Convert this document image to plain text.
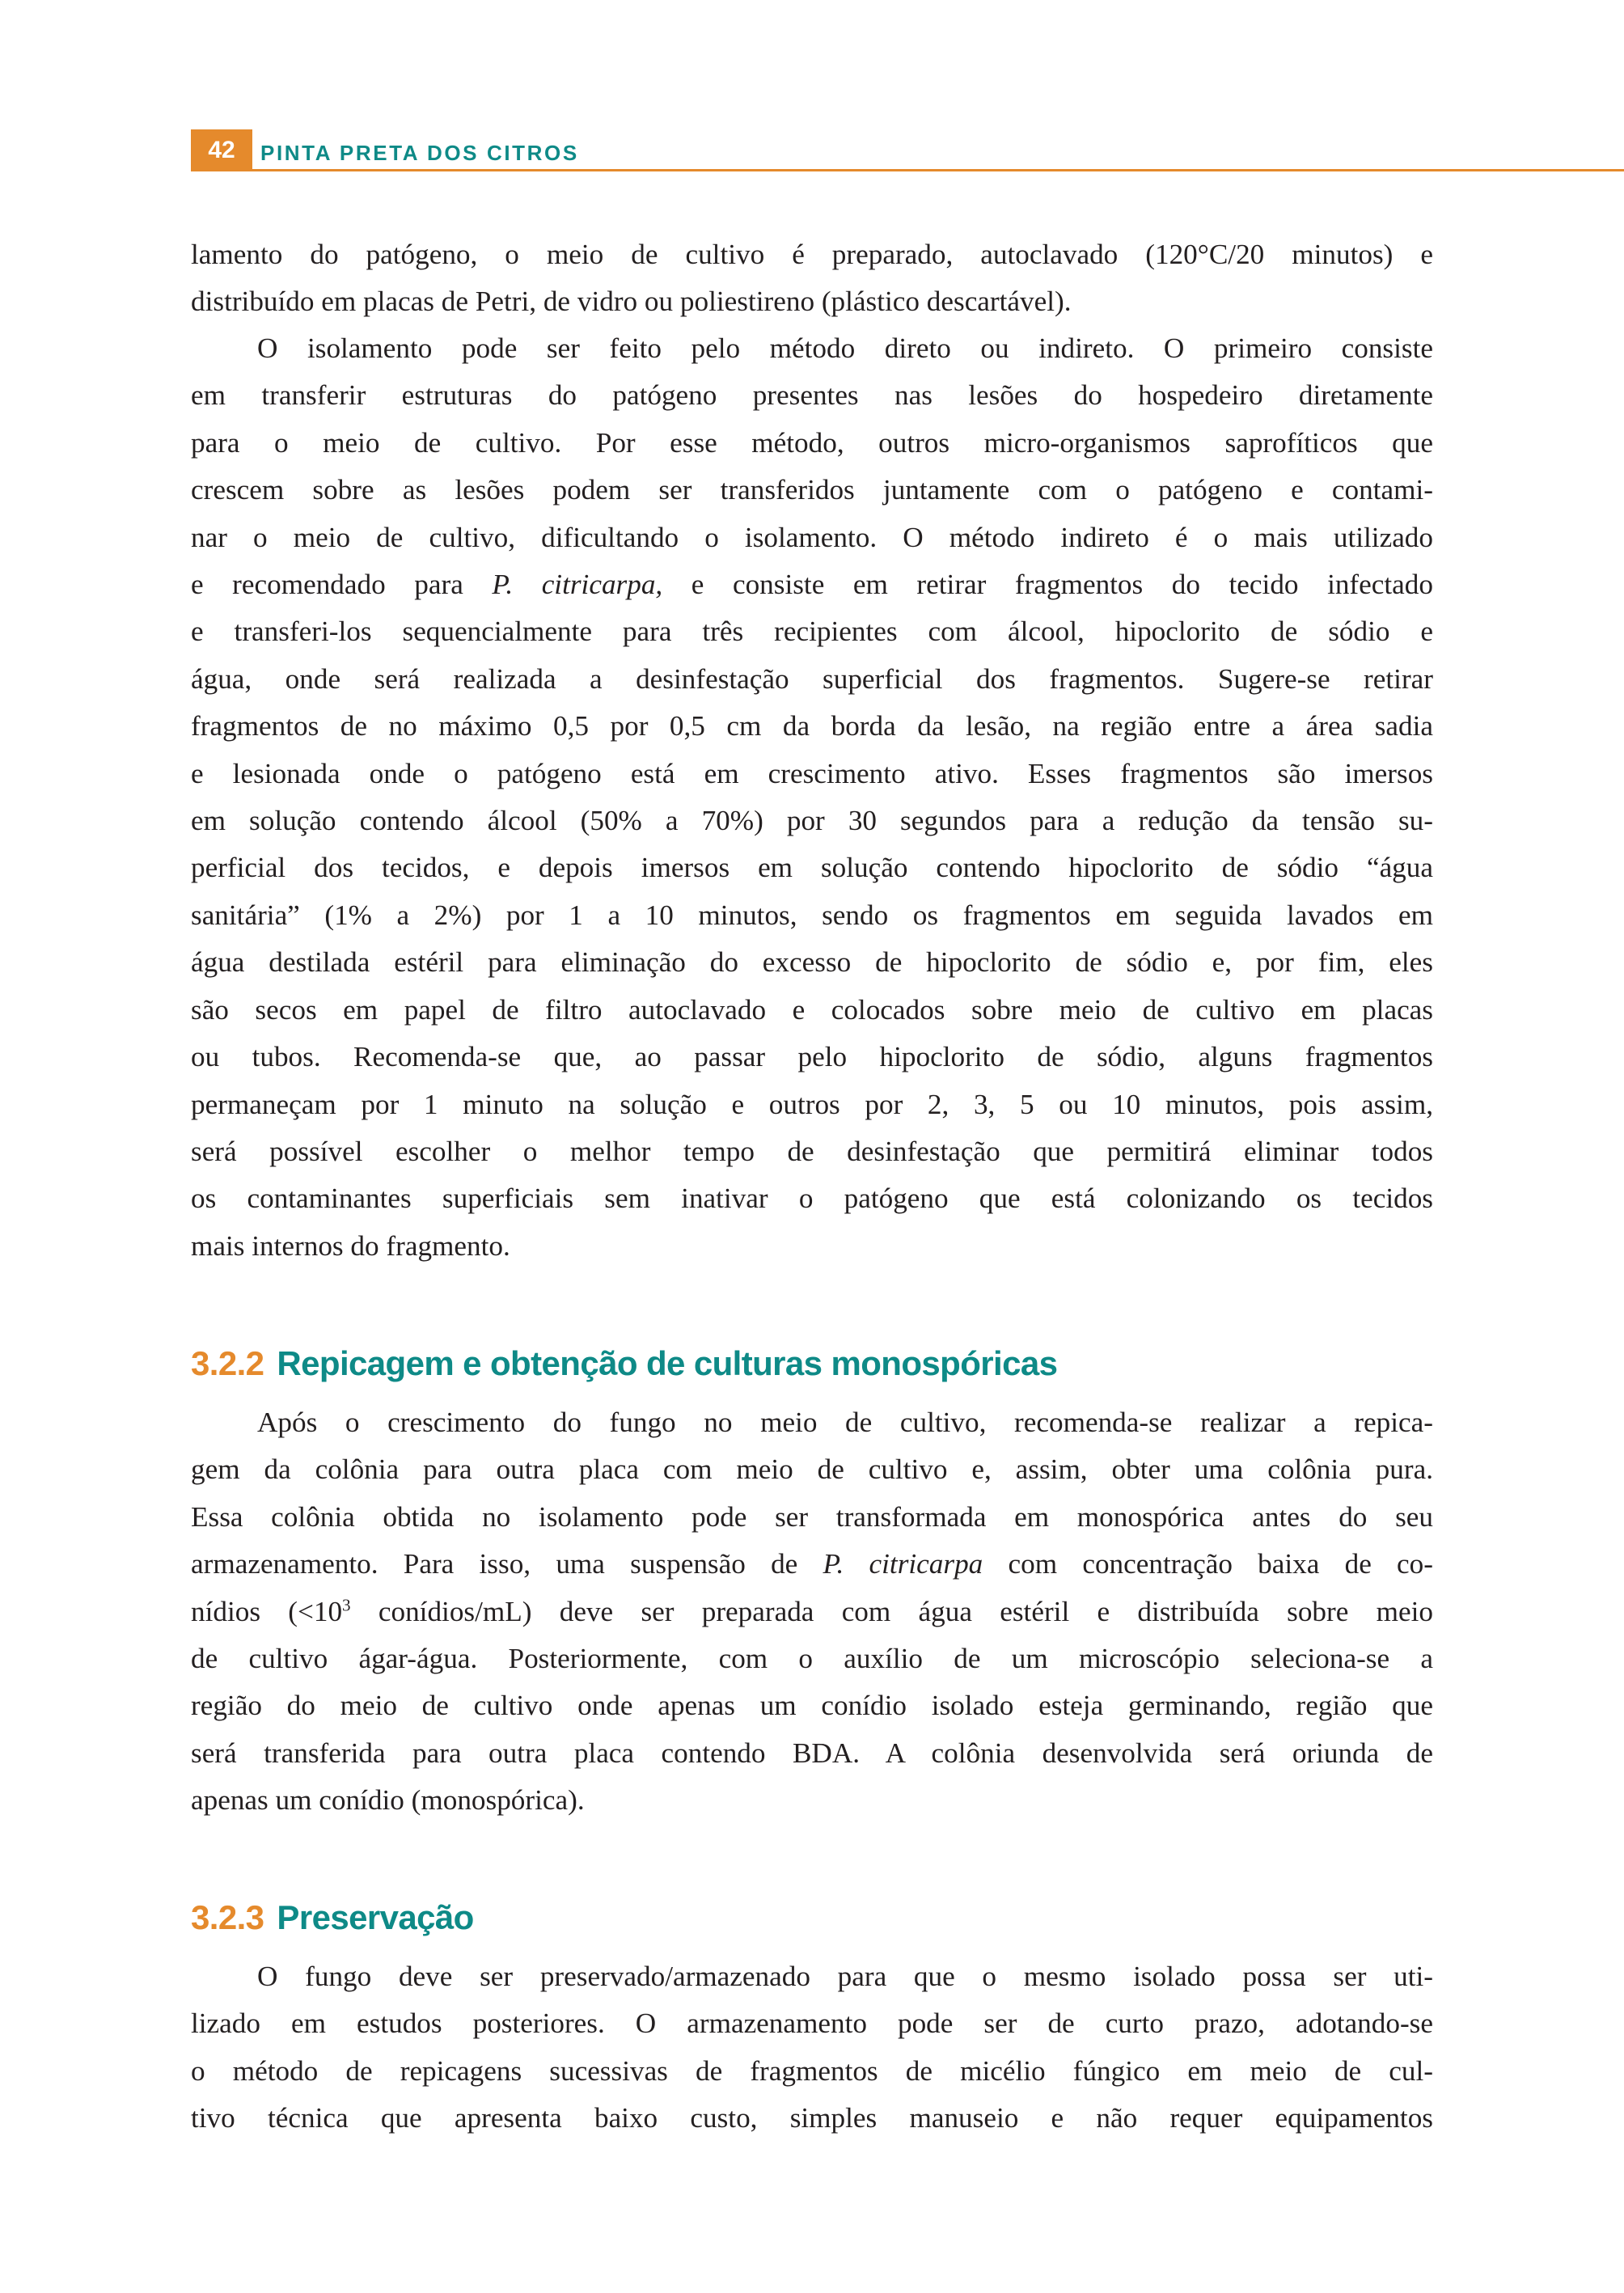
42	PINTA PRETA DOS CITROS

lamento do patógeno, o meio de cultivo é preparado, autoclavado (120°C/20 minutos) e
distribuído em placas de Petri, de vidro ou poliestireno (plástico descartável).

O isolamento pode ser feito pelo método direto ou indireto. O primeiro consiste
em transferir estruturas do patógeno presentes nas lesões do hospedeiro diretamente
para o meio de cultivo. Por esse método, outros micro-organismos saprofíticos que
crescem sobre as lesões podem ser transferidos juntamente com o patógeno e contami-
nar o meio de cultivo, dificultando o isolamento. O método indireto é o mais utilizado
e recomendado para P. citricarpa, e consiste em retirar fragmentos do tecido infectado
e transferi-los sequencialmente para três recipientes com álcool, hipoclorito de sódio e
água, onde será realizada a desinfestação superficial dos fragmentos. Sugere-se retirar
fragmentos de no máximo 0,5 por 0,5 cm da borda da lesão, na região entre a área sadia
e lesionada onde o patógeno está em crescimento ativo. Esses fragmentos são imersos
em solução contendo álcool (50% a 70%) por 30 segundos para a redução da tensão su-
perficial dos tecidos, e depois imersos em solução contendo hipoclorito de sódio “água
sanitária” (1% a 2%) por 1 a 10 minutos, sendo os fragmentos em seguida lavados em
água destilada estéril para eliminação do excesso de hipoclorito de sódio e, por fim, eles
são secos em papel de filtro autoclavado e colocados sobre meio de cultivo em placas
ou tubos. Recomenda-se que, ao passar pelo hipoclorito de sódio, alguns fragmentos
permaneçam por 1 minuto na solução e outros por 2, 3, 5 ou 10 minutos, pois assim,
será possível escolher o melhor tempo de desinfestação que permitirá eliminar todos
os contaminantes superficiais sem inativar o patógeno que está colonizando os tecidos
mais internos do fragmento.

3.2.2 Repicagem e obtenção de culturas monospóricas

Após o crescimento do fungo no meio de cultivo, recomenda-se realizar a repica-
gem da colônia para outra placa com meio de cultivo e, assim, obter uma colônia pura.
Essa colônia obtida no isolamento pode ser transformada em monospórica antes do seu
armazenamento. Para isso, uma suspensão de P. citricarpa com concentração baixa de co-
nídios ($<10^3$ conídios/mL) deve ser preparada com água estéril e distribuída sobre meio
de cultivo ágar-água. Posteriormente, com o auxílio de um microscópio seleciona-se a
região do meio de cultivo onde apenas um conídio isolado esteja germinando, região que
será transferida para outra placa contendo BDA. A colônia desenvolvida será oriunda de
apenas um conídio (monospórica).

3.2.3 Preservação

O fungo deve ser preservado/armazenado para que o mesmo isolado possa ser uti-
lizado em estudos posteriores. O armazenamento pode ser de curto prazo, adotando-se
o método de repicagens sucessivas de fragmentos de micélio fúngico em meio de cul-
tivo técnica que apresenta baixo custo, simples manuseio e não requer equipamentos
